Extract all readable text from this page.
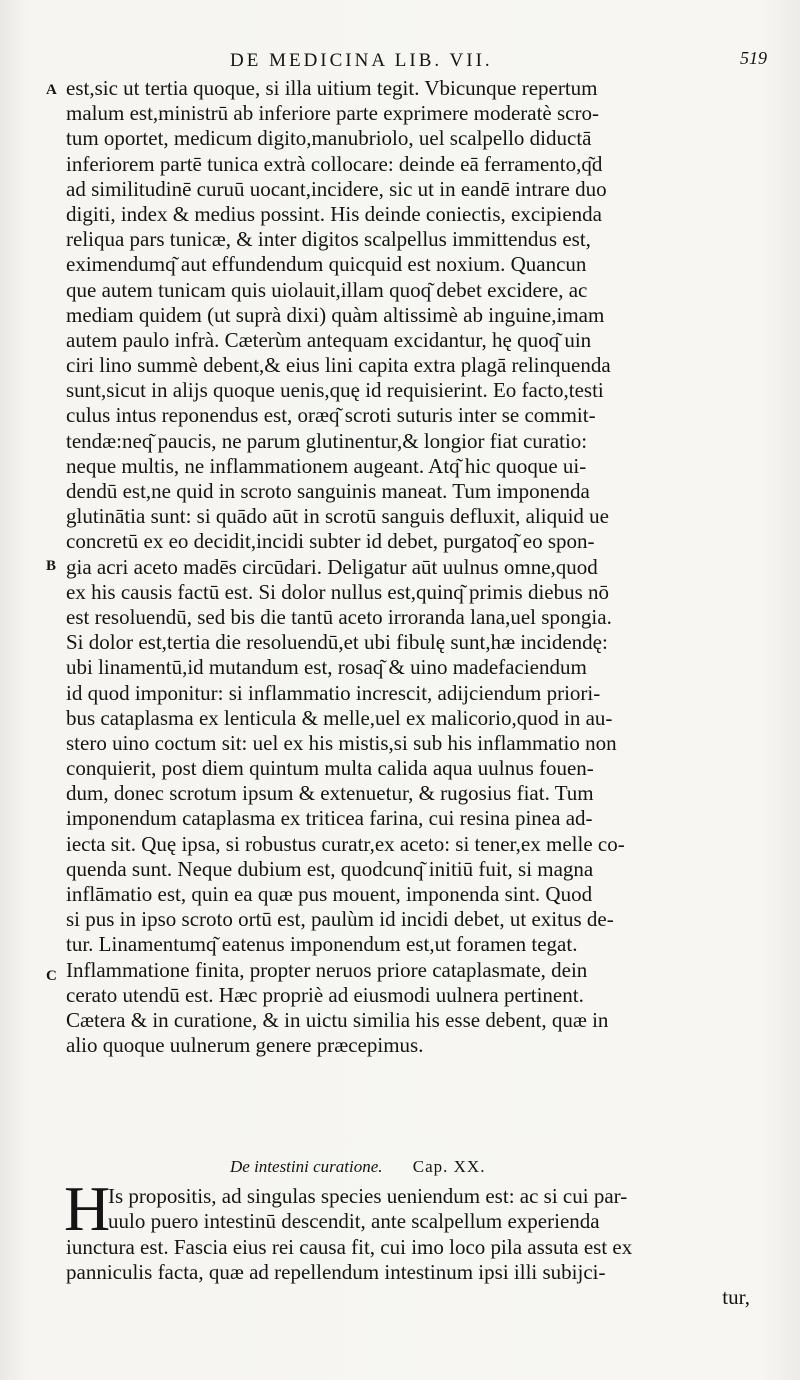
DE MEDICINA LIB. VII.	519
A
B
C
est,sic ut tertia quoque, si illa uitium tegit. Vbicunque repertum
malum est,ministrū ab inferiore parte exprimere moderatè scro-
tum oportet, medicum digito,manubriolo, uel scalpello diductā
inferiorem partē tunica extrà collocare: deinde eā ferramento,q͂d
ad similitudinē curuū uocant,incidere, sic ut in eandē intrare duo
digiti, index & medius possint. His deinde coniectis, excipienda
reliqua pars tunicæ, & inter digitos scalpellus immittendus est,
eximendumq͂ aut effundendum quicquid est noxium. Quancun
que autem tunicam quis uiolauit,illam quoq͂ debet excidere, ac
mediam quidem (ut suprà dixi) quàm altissimè ab inguine,imam
autem paulo infrà. Cæterùm antequam excidantur, hę quoq͂ uin
ciri lino summè debent,& eius lini capita extra plagā relinquenda
sunt,sicut in alijs quoque uenis,quę id requisierint. Eo facto,testi
culus intus reponendus est, oræq͂ scroti suturis inter se commit-
tendæ:neq͂ paucis, ne parum glutinentur,& longior fiat curatio:
neque multis, ne inflammationem augeant. Atq͂ hic quoque ui-
dendū est,ne quid in scroto sanguinis maneat. Tum imponenda
glutinātia sunt: si quādo aūt in scrotū sanguis defluxit, aliquid ue
concretū ex eo decidit,incidi subter id debet, purgatoq͂ eo spon-
gia acri aceto madēs circūdari. Deligatur aūt uulnus omne,quod
ex his causis factū est. Si dolor nullus est,quinq͂ primis diebus nō
est resoluendū, sed bis die tantū aceto irroranda lana,uel spongia.
Si dolor est,tertia die resoluendū,et ubi fibulę sunt,hæ incidendę:
ubi linamentū,id mutandum est, rosaq͂ & uino madefaciendum
id quod imponitur: si inflammatio increscit, adijciendum priori-
bus cataplasma ex lenticula & melle,uel ex malicorio,quod in au-
stero uino coctum sit: uel ex his mistis,si sub his inflammatio non
conquierit, post diem quintum multa calida aqua uulnus fouen-
dum, donec scrotum ipsum & extenuetur, & rugosius fiat. Tum
imponendum cataplasma ex triticea farina, cui resina pinea ad-
iecta sit. Quę ipsa, si robustus curatr,ex aceto: si tener,ex melle co-
quenda sunt. Neque dubium est, quodcunq͂ initiū fuit, si magna
inflāmatio est, quin ea quæ pus mouent, imponenda sint. Quod
si pus in ipso scroto ortū est, paulùm id incidi debet, ut exitus de-
tur. Linamentumq͂ eatenus imponendum est,ut foramen tegat.
Inflammatione finita, propter neruos priore cataplasmate, dein
cerato utendū est. Hæc propriè ad eiusmodi uulnera pertinent.
Cætera & in curatione, & in uictu similia his esse debent, quæ in
alio quoque uulnerum genere præcepimus.
De intestini curatione. Cap. XX.
H
Is propositis, ad singulas species ueniendum est: ac si cui par-
uulo puero intestinū descendit, ante scalpellum experienda
iunctura est. Fascia eius rei causa fit, cui imo loco pila assuta est ex
panniculis facta, quæ ad repellendum intestinum ipsi illi subijci-
tur,
